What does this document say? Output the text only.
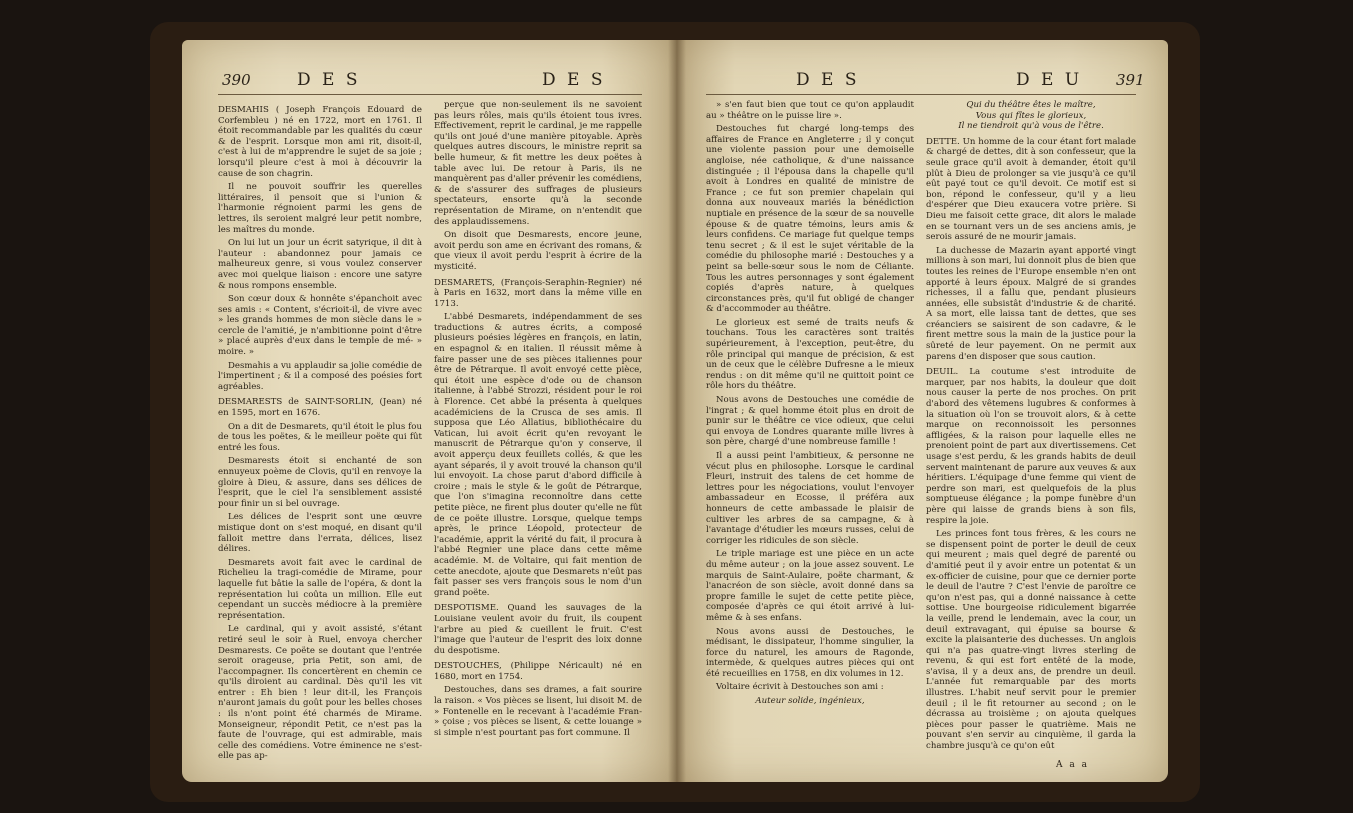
390	D E S	D E S

DESMAHIS ( Joseph François Edouard de Corfembleu ) né en 1722, mort en 1761. Il étoit recommandable par les qualités du cœur & de l'esprit. Lorsque mon ami rit, disoit-il, c'est à lui de m'apprendre le sujet de sa joie ; lorsqu'il pleure c'est à moi à découvrir la cause de son chagrin.

Il ne pouvoit souffrir les querelles littéraires, il pensoit que si l'union & l'harmonie régnoient parmi les gens de lettres, ils seroient malgré leur petit nombre, les maîtres du monde.

On lui lut un jour un écrit satyrique, il dit à l'auteur : abandonnez pour jamais ce malheureux genre, si vous voulez conserver avec moi quelque liaison : encore une satyre & nous rompons ensemble.

Son cœur doux & honnête s'épanchoit avec ses amis : « Content, s'écrioit-il, de vivre avec » les grands hommes de mon siècle dans le » cercle de l'amitié, je n'ambitionne point d'être » placé auprès d'eux dans le temple de mé- » moire. »

Desmahis a vu applaudir sa jolie comédie de l'impertinent ; & il a composé des poésies fort agréables.

DESMARESTS de SAINT-SORLIN, (Jean) né en 1595, mort en 1676.

On a dit de Desmarets, qu'il étoit le plus fou de tous les poëtes, & le meilleur poëte qui fût entré les fous.

Desmarests étoit si enchanté de son ennuyeux poème de Clovis, qu'il en renvoye la gloire à Dieu, & assure, dans ses délices de l'esprit, que le ciel l'a sensiblement assisté pour finir un si bel ouvrage.

Les délices de l'esprit sont une œuvre mistique dont on s'est moqué, en disant qu'il falloit mettre dans l'errata, délices, lisez délires.

Desmarets avoit fait avec le cardinal de Richelieu la tragi-comédie de Mirame, pour laquelle fut bâtie la salle de l'opéra, & dont la représentation lui coûta un million. Elle eut cependant un succès médiocre à la première représentation.

Le cardinal, qui y avoit assisté, s'étant retiré seul le soir à Ruel, envoya chercher Desmarests. Ce poëte se doutant que l'entrée seroit orageuse, pria Petit, son ami, de l'accompagner. Ils concertèrent en chemin ce qu'ils diroient au cardinal. Dès qu'il les vit entrer : Eh bien ! leur dit-il, les François n'auront jamais du goût pour les belles choses : ils n'ont point été charmés de Mirame. Monseigneur, répondit Petit, ce n'est pas la faute de l'ouvrage, qui est admirable, mais celle des comédiens. Votre éminence ne s'est-elle pas ap-

perçue que non-seulement ils ne savoient pas leurs rôles, mais qu'ils étoient tous ivres. Effectivement, reprit le cardinal, je me rappelle qu'ils ont joué d'une manière pitoyable. Après quelques autres discours, le ministre reprit sa belle humeur, & fit mettre les deux poëtes à table avec lui. De retour à Paris, ils ne manquèrent pas d'aller prévenir les comédiens, & de s'assurer des suffrages de plusieurs spectateurs, ensorte qu'à la seconde représentation de Mirame, on n'entendit que des applaudissemens.

On disoit que Desmarests, encore jeune, avoit perdu son ame en écrivant des romans, & que vieux il avoit perdu l'esprit à écrire de la mysticité.

DESMARETS, (François-Seraphin-Regnier) né à Paris en 1632, mort dans la même ville en 1713.

L'abbé Desmarets, indépendamment de ses traductions & autres écrits, a composé plusieurs poésies légères en françois, en latin, en espagnol & en italien. Il réussit même à faire passer une de ses pièces italiennes pour être de Pétrarque. Il avoit envoyé cette pièce, qui étoit une espèce d'ode ou de chanson italienne, à l'abbé Strozzi, résident pour le roi à Florence. Cet abbé la présenta à quelques académiciens de la Crusca de ses amis. Il supposa que Léo Allatius, bibliothécaire du Vatican, lui avoit écrit qu'en revoyant le manuscrit de Pétrarque qu'on y conserve, il avoit apperçu deux feuillets collés, & que les ayant séparés, il y avoit trouvé la chanson qu'il lui envoyoit. La chose parut d'abord difficile à croire ; mais le style & le goût de Pétrarque, que l'on s'imagina reconnoître dans cette petite pièce, ne firent plus douter qu'elle ne fût de ce poëte illustre. Lorsque, quelque temps après, le prince Léopold, protecteur de l'académie, apprit la vérité du fait, il procura à l'abbé Regnier une place dans cette même académie. M. de Voltaire, qui fait mention de cette anecdote, ajoute que Desmarets n'eût pas fait passer ses vers françois sous le nom d'un grand poëte.

DESPOTISME. Quand les sauvages de la Louisiane veulent avoir du fruit, ils coupent l'arbre au pied & cueillent le fruit. C'est l'image que l'auteur de l'esprit des loix donne du despotisme.

DESTOUCHES, (Philippe Néricault) né en 1680, mort en 1754.

Destouches, dans ses drames, a fait sourire la raison. « Vos pièces se lisent, lui disoit M. de » Fontenelle en le recevant à l'académie Fran- » çoise ; vos pièces se lisent, & cette louange » si simple n'est pourtant pas fort commune. Il

D E S	D E U 391

» s'en faut bien que tout ce qu'on applaudit au » théâtre on le puisse lire ».

Destouches fut chargé long-temps des affaires de France en Angleterre ; il y conçut une violente passion pour une demoiselle angloise, née catholique, & d'une naissance distinguée ; il l'épousa dans la chapelle qu'il avoit à Londres en qualité de ministre de France ; ce fut son premier chapelain qui donna aux nouveaux mariés la bénédiction nuptiale en présence de la sœur de sa nouvelle épouse & de quatre témoins, leurs amis & leurs confidens. Ce mariage fut quelque temps tenu secret ; & il est le sujet véritable de la comédie du philosophe marié : Destouches y a peint sa belle-sœur sous le nom de Céliante. Tous les autres personnages y sont également copiés d'après nature, à quelques circonstances près, qu'il fut obligé de changer & d'accommoder au théâtre.

Le glorieux est semé de traits neufs & touchans. Tous les caractères sont traités supérieurement, à l'exception, peut-être, du rôle principal qui manque de précision, & est un de ceux que le célèbre Dufresne a le mieux rendus : on dit même qu'il ne quittoit point ce rôle hors du théâtre.

Nous avons de Destouches une comédie de l'ingrat ; & quel homme étoit plus en droit de punir sur le théâtre ce vice odieux, que celui qui envoya de Londres quarante mille livres à son père, chargé d'une nombreuse famille !

Il a aussi peint l'ambitieux, & personne ne vécut plus en philosophe. Lorsque le cardinal Fleuri, instruit des talens de cet homme de lettres pour les négociations, voulut l'envoyer ambassadeur en Ecosse, il préféra aux honneurs de cette ambassade le plaisir de cultiver les arbres de sa campagne, & à l'avantage d'étudier les mœurs russes, celui de corriger les ridicules de son siècle.

Le triple mariage est une pièce en un acte du même auteur ; on la joue assez souvent. Le marquis de Saint-Aulaire, poëte charmant, & l'anacréon de son siècle, avoit donné dans sa propre famille le sujet de cette petite pièce, composée d'après ce qui étoit arrivé à lui-même & à ses enfans.

Nous avons aussi de Destouches, le médisant, le dissipateur, l'homme singulier, la force du naturel, les amours de Ragonde, intermède, & quelques autres pièces qui ont été recueillies en 1758, en dix volumes in 12.

Voltaire écrivit à Destouches son ami :

Auteur solide, ingénieux,

Qui du théâtre êtes le maître,

Vous qui fîtes le glorieux,

Il ne tiendroit qu'à vous de l'être.

DETTE. Un homme de la cour étant fort malade & chargé de dettes, dit à son confesseur, que la seule grace qu'il avoit à demander, étoit qu'il plût à Dieu de prolonger sa vie jusqu'à ce qu'il eût payé tout ce qu'il devoit. Ce motif est si bon, répond le confesseur, qu'il y a lieu d'espérer que Dieu exaucera votre prière. Si Dieu me faisoit cette grace, dit alors le malade en se tournant vers un de ses anciens amis, je serois assuré de ne mourir jamais.

La duchesse de Mazarin ayant apporté vingt millions à son mari, lui donnoit plus de bien que toutes les reines de l'Europe ensemble n'en ont apporté à leurs époux. Malgré de si grandes richesses, il a fallu que, pendant plusieurs années, elle subsistât d'industrie & de charité. A sa mort, elle laissa tant de dettes, que ses créanciers se saisirent de son cadavre, & le firent mettre sous la main de la justice pour la sûreté de leur payement. On ne permit aux parens d'en disposer que sous caution.

DEUIL. La coutume s'est introduite de marquer, par nos habits, la douleur que doit nous causer la perte de nos proches. On prit d'abord des vêtemens lugubres & conformes à la situation où l'on se trouvoit alors, & à cette marque on reconnoissoit les personnes affligées, & la raison pour laquelle elles ne prenoient point de part aux divertissemens. Cet usage s'est perdu, & les grands habits de deuil servent maintenant de parure aux veuves & aux héritiers. L'équipage d'une femme qui vient de perdre son mari, est quelquefois de la plus somptueuse élégance ; la pompe funèbre d'un père qui laisse de grands biens à son fils, respire la joie.

Les princes font tous frères, & les cours ne se dispensent point de porter le deuil de ceux qui meurent ; mais quel degré de parenté ou d'amitié peut il y avoir entre un potentat & un ex-officier de cuisine, pour que ce dernier porte le deuil de l'autre ? C'est l'envie de paroître ce qu'on n'est pas, qui a donné naissance à cette sottise. Une bourgeoise ridiculement bigarrée la veille, prend le lendemain, avec la cour, un deuil extravagant, qui épuise sa bourse & excite la plaisanterie des duchesses. Un anglois qui n'a pas quatre-vingt livres sterling de revenu, & qui est fort entêté de la mode, s'avisa, il y a deux ans, de prendre un deuil. L'année fut remarquable par des morts illustres. L'habit neuf servit pour le premier deuil ; il le fit retourner au second ; on le décrassa au troisième ; on ajouta quelques pièces pour passer le quatrième. Mais ne pouvant s'en servir au cinquième, il garda la chambre jusqu'à ce qu'on eût

A a a
